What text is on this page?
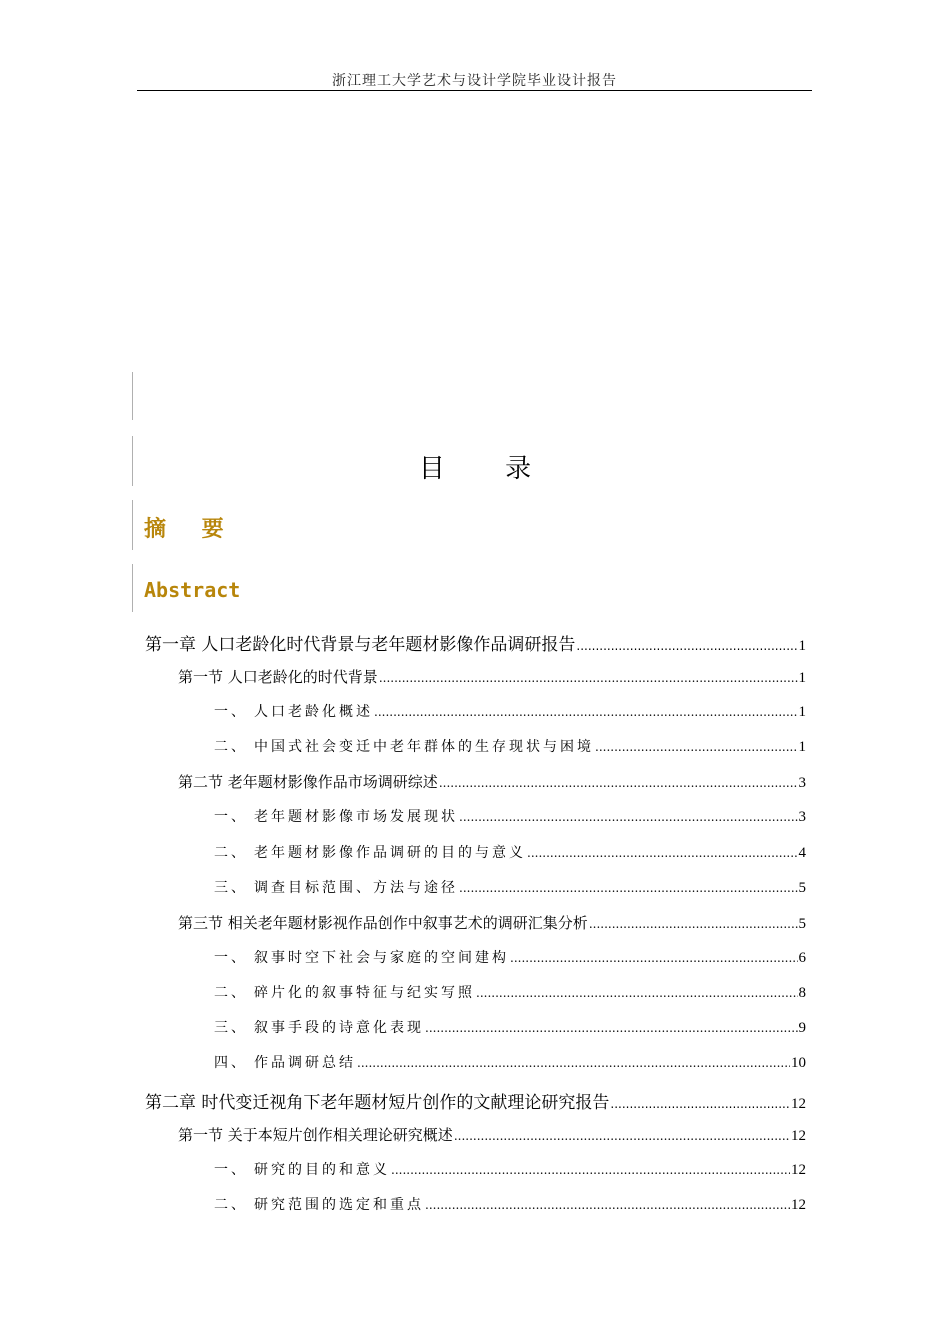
浙江理工大学艺术与设计学院毕业设计报告
目 录
摘 要
Abstract
第一章 人口老龄化时代背景与老年题材影像作品调研报告 .....	1
第一节 人口老龄化的时代背景 .....	1
一、 人口老龄化概述 .....	1
二、 中国式社会变迁中老年群体的生存现状与困境 .....	1
第二节 老年题材影像作品市场调研综述 .....	3
一、 老年题材影像市场发展现状 .....	3
二、 老年题材影像作品调研的目的与意义 .....	4
三、 调查目标范围、方法与途径 .....	5
第三节 相关老年题材影视作品创作中叙事艺术的调研汇集分析 .....	5
一、 叙事时空下社会与家庭的空间建构 .....	6
二、 碎片化的叙事特征与纪实写照 .....	8
三、 叙事手段的诗意化表现 .....	9
四、 作品调研总结 .....	10
第二章 时代变迁视角下老年题材短片创作的文献理论研究报告 .....	12
第一节 关于本短片创作相关理论研究概述 .....	12
一、 研究的目的和意义 .....	12
二、 研究范围的选定和重点 .....	12
